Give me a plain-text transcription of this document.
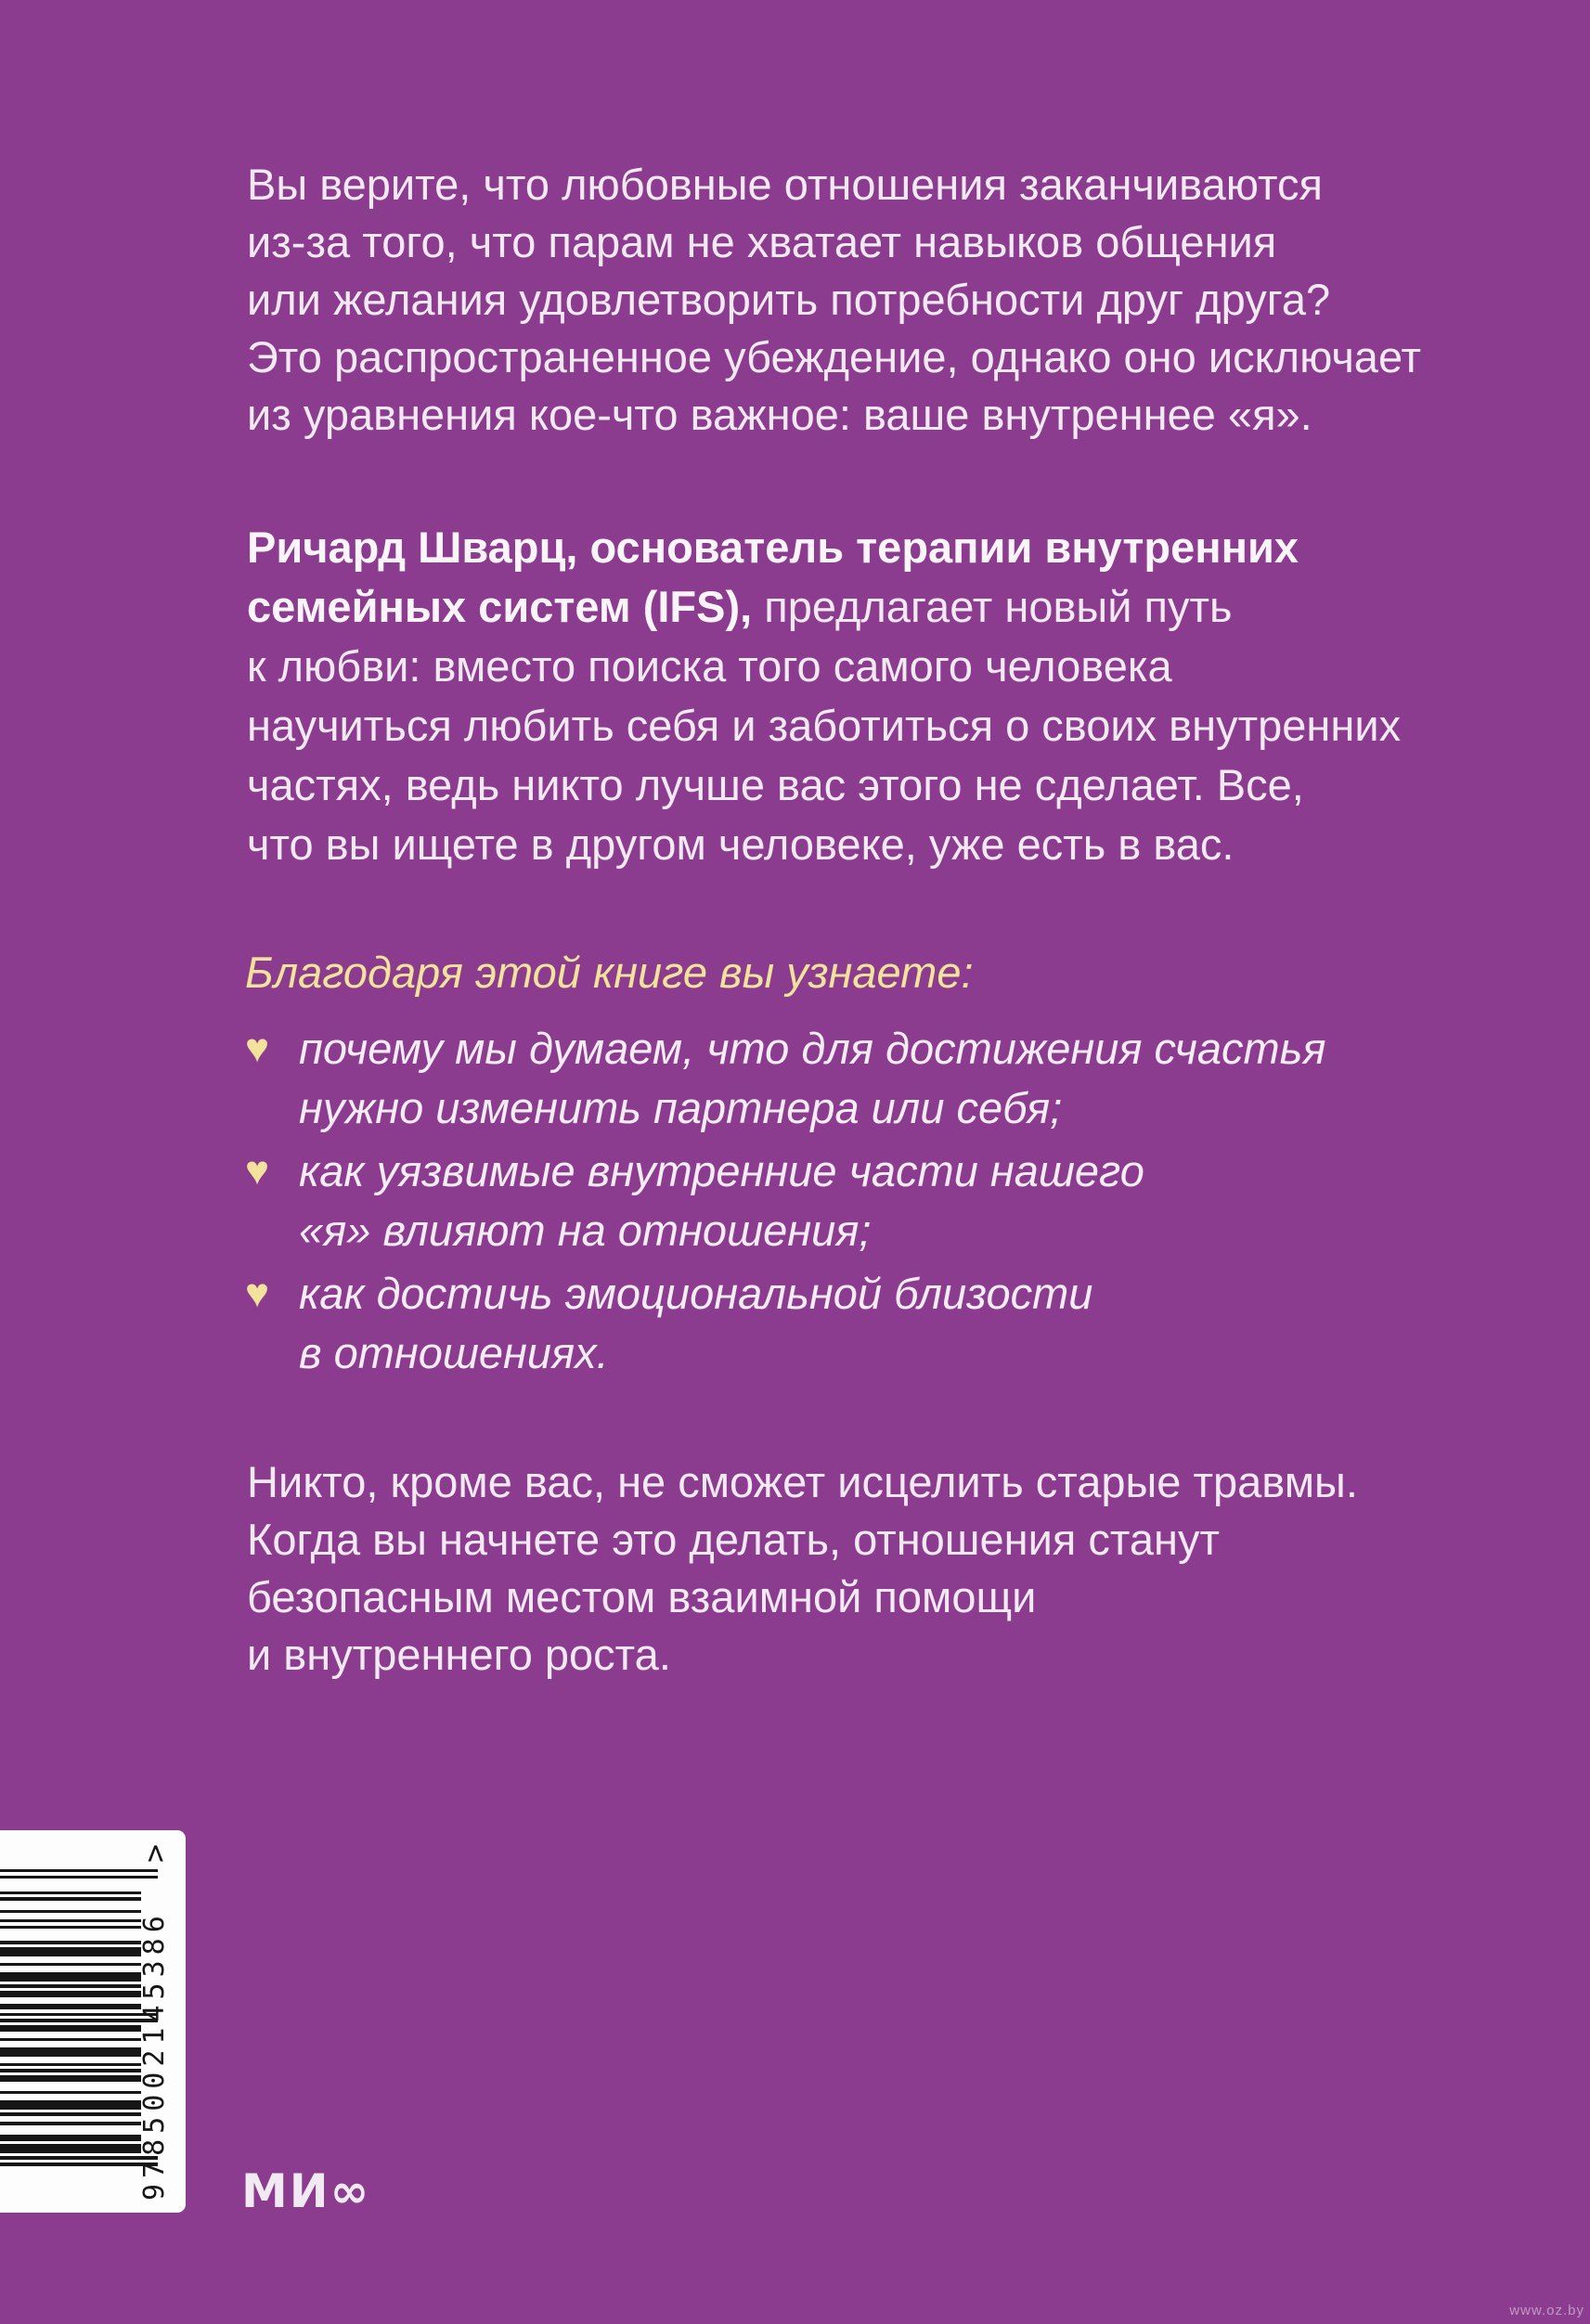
Вы верите, что любовные отношения заканчиваются
из-за того, что парам не хватает навыков общения
или желания удовлетворить потребности друг друга?
Это распространенное убеждение, однако оно исключает
из уравнения кое-что важное: ваше внутреннее «я».
Ричард Шварц, основатель терапии внутренних
семейных систем (IFS), предлагает новый путь
к любви: вместо поиска того самого человека
научиться любить себя и заботиться о своих внутренних
частях, ведь никто лучше вас этого не сделает. Все,
что вы ищете в другом человеке, уже есть в вас.
Благодаря этой книге вы узнаете:
♥ почему мы думаем, что для достижения счастья
нужно изменить партнера или себя;
♥ как уязвимые внутренние части нашего
«я» влияют на отношения;
♥ как достичь эмоциональной близости
в отношениях.
Никто, кроме вас, не сможет исцелить старые травмы.
Когда вы начнете это делать, отношения станут
безопасным местом взаимной помощи
и внутреннего роста.
9785002145386
>
МИ∞
www.oz.by
